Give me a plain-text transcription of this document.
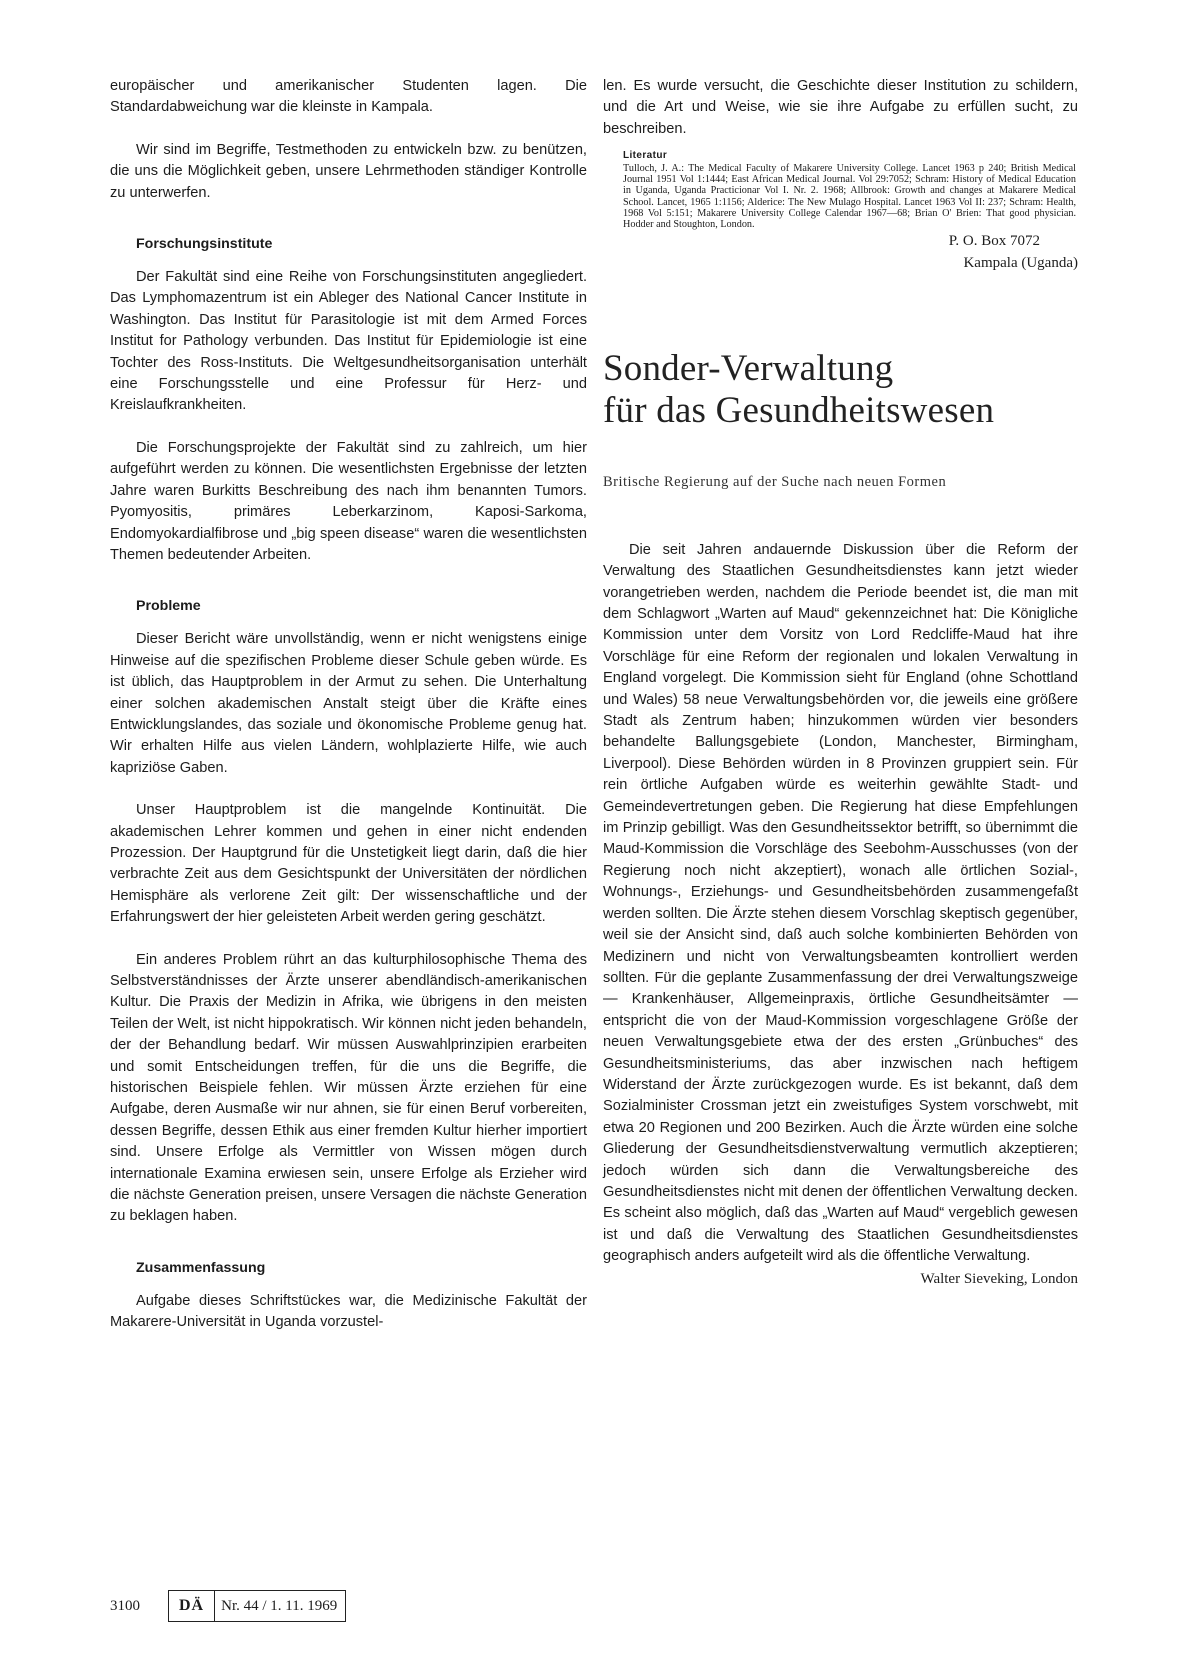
europäischer und amerikanischer Studenten lagen. Die Standardabweichung war die kleinste in Kampala.

Wir sind im Begriffe, Testmethoden zu entwickeln bzw. zu benützen, die uns die Möglichkeit geben, unsere Lehrmethoden ständiger Kontrolle zu unterwerfen.

Forschungsinstitute

Der Fakultät sind eine Reihe von Forschungsinstituten angegliedert. Das Lymphomazentrum ist ein Ableger des National Cancer Institute in Washington. Das Institut für Parasitologie ist mit dem Armed Forces Institut for Pathology verbunden. Das Institut für Epidemiologie ist eine Tochter des Ross-Instituts. Die Weltgesundheitsorganisation unterhält eine Forschungsstelle und eine Professur für Herz- und Kreislaufkrankheiten.

Die Forschungsprojekte der Fakultät sind zu zahlreich, um hier aufgeführt werden zu können. Die wesentlichsten Ergebnisse der letzten Jahre waren Burkitts Beschreibung des nach ihm benannten Tumors. Pyomyositis, primäres Leberkarzinom, Kaposi-Sarkoma, Endomyokardialfibrose und „big speen disease“ waren die wesentlichsten Themen bedeutender Arbeiten.

Probleme

Dieser Bericht wäre unvollständig, wenn er nicht wenigstens einige Hinweise auf die spezifischen Probleme dieser Schule geben würde. Es ist üblich, das Hauptproblem in der Armut zu sehen. Die Unterhaltung einer solchen akademischen Anstalt steigt über die Kräfte eines Entwicklungslandes, das soziale und ökonomische Probleme genug hat. Wir erhalten Hilfe aus vielen Ländern, wohlplazierte Hilfe, wie auch kapriziöse Gaben.

Unser Hauptproblem ist die mangelnde Kontinuität. Die akademischen Lehrer kommen und gehen in einer nicht endenden Prozession. Der Hauptgrund für die Unstetigkeit liegt darin, daß die hier verbrachte Zeit aus dem Gesichtspunkt der Universitäten der nördlichen Hemisphäre als verlorene Zeit gilt: Der wissenschaftliche und der Erfahrungswert der hier geleisteten Arbeit werden gering geschätzt.

Ein anderes Problem rührt an das kulturphilosophische Thema des Selbstverständnisses der Ärzte unserer abendländisch-amerikanischen Kultur. Die Praxis der Medizin in Afrika, wie übrigens in den meisten Teilen der Welt, ist nicht hippokratisch. Wir können nicht jeden behandeln, der der Behandlung bedarf. Wir müssen Auswahlprinzipien erarbeiten und somit Entscheidungen treffen, für die uns die Begriffe, die historischen Beispiele fehlen. Wir müssen Ärzte erziehen für eine Aufgabe, deren Ausmaße wir nur ahnen, sie für einen Beruf vorbereiten, dessen Begriffe, dessen Ethik aus einer fremden Kultur hierher importiert sind. Unsere Erfolge als Vermittler von Wissen mögen durch internationale Examina erwiesen sein, unsere Erfolge als Erzieher wird die nächste Generation preisen, unsere Versagen die nächste Generation zu beklagen haben.

Zusammenfassung

Aufgabe dieses Schriftstückes war, die Medizinische Fakultät der Makarere-Universität in Uganda vorzustel-

len. Es wurde versucht, die Geschichte dieser Institution zu schildern, und die Art und Weise, wie sie ihre Aufgabe zu erfüllen sucht, zu beschreiben.

Literatur

Tulloch, J. A.: The Medical Faculty of Makarere University College. Lancet 1963 p 240; British Medical Journal 1951 Vol 1:1444; East African Medical Journal. Vol 29:7052; Schram: History of Medical Education in Uganda, Uganda Practicionar Vol I. Nr. 2. 1968; Allbrook: Growth and changes at Makarere Medical School. Lancet, 1965 1:1156; Alderice: The New Mulago Hospital. Lancet 1963 Vol II: 237; Schram: Health, 1968 Vol 5:151; Makarere University College Calendar 1967—68; Brian O' Brien: That good physician. Hodder and Stoughton, London.

P. O. Box 7072
Kampala (Uganda)
Sonder-Verwaltung
für das Gesundheitswesen
Britische Regierung auf der Suche nach neuen Formen

Die seit Jahren andauernde Diskussion über die Reform der Verwaltung des Staatlichen Gesundheitsdienstes kann jetzt wieder vorangetrieben werden, nachdem die Periode beendet ist, die man mit dem Schlagwort „Warten auf Maud“ gekennzeichnet hat: Die Königliche Kommission unter dem Vorsitz von Lord Redcliffe-Maud hat ihre Vorschläge für eine Reform der regionalen und lokalen Verwaltung in England vorgelegt. Die Kommission sieht für England (ohne Schottland und Wales) 58 neue Verwaltungsbehörden vor, die jeweils eine größere Stadt als Zentrum haben; hinzukommen würden vier besonders behandelte Ballungsgebiete (London, Manchester, Birmingham, Liverpool). Diese Behörden würden in 8 Provinzen gruppiert sein. Für rein örtliche Aufgaben würde es weiterhin gewählte Stadt- und Gemeindevertretungen geben. Die Regierung hat diese Empfehlungen im Prinzip gebilligt. Was den Gesundheitssektor betrifft, so übernimmt die Maud-Kommission die Vorschläge des Seebohm-Ausschusses (von der Regierung noch nicht akzeptiert), wonach alle örtlichen Sozial-, Wohnungs-, Erziehungs- und Gesundheitsbehörden zusammengefaßt werden sollten. Die Ärzte stehen diesem Vorschlag skeptisch gegenüber, weil sie der Ansicht sind, daß auch solche kombinierten Behörden von Medizinern und nicht von Verwaltungsbeamten kontrolliert werden sollten. Für die geplante Zusammenfassung der drei Verwaltungszweige — Krankenhäuser, Allgemeinpraxis, örtliche Gesundheitsämter — entspricht die von der Maud-Kommission vorgeschlagene Größe der neuen Verwaltungsgebiete etwa der des ersten „Grünbuches“ des Gesundheitsministeriums, das aber inzwischen nach heftigem Widerstand der Ärzte zurückgezogen wurde. Es ist bekannt, daß dem Sozialminister Crossman jetzt ein zweistufiges System vorschwebt, mit etwa 20 Regionen und 200 Bezirken. Auch die Ärzte würden eine solche Gliederung der Gesundheitsdienstverwaltung vermutlich akzeptieren; jedoch würden sich dann die Verwaltungsbereiche des Gesundheitsdienstes nicht mit denen der öffentlichen Verwaltung decken. Es scheint also möglich, daß das „Warten auf Maud“ vergeblich gewesen ist und daß die Verwaltung des Staatlichen Gesundheitsdienstes geographisch anders aufgeteilt wird als die öffentliche Verwaltung.

Walter Sieveking, London
3100	DÄ	Nr. 44 / 1. 11. 1969
